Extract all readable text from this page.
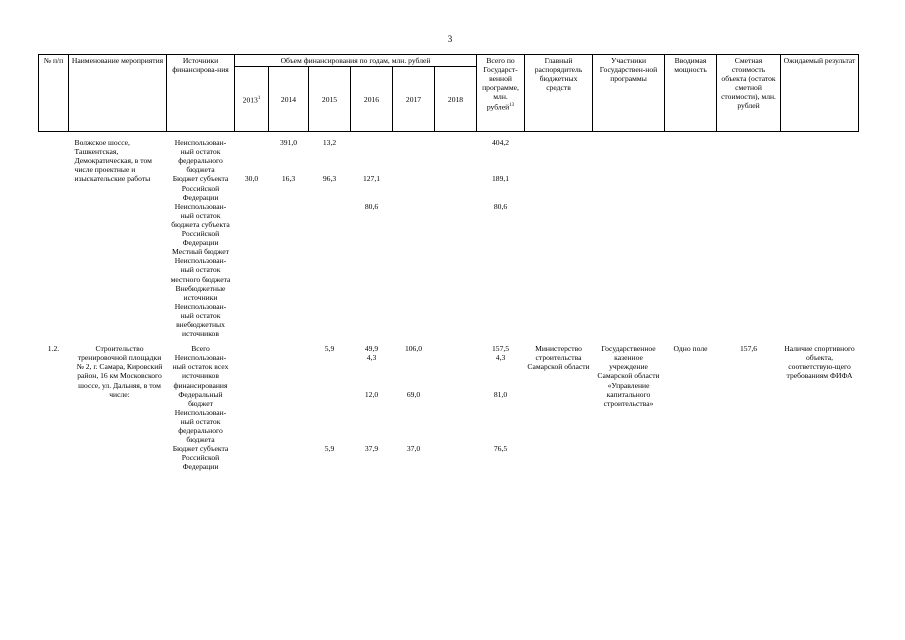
3
№ п/п	Наименование мероприятия	Источники финансирова-ния	Объем финансирования по годам, млн. рублей						Всего по Государст-венной программе, млн. рублей$^{13}$	Главный распорядитель бюджетных средств	Участники Государствен-ной программы	Вводимая мощность	Сметная стоимость объекта (остаток сметной стоимости), млн. рублей	Ожидаемый результат
			2013$^1$	2014	2015	2016	2017	2018						

	Волжское шоссе, Ташкентская, Демократическая, в том числе проектные и изыскательские работы	Неиспользован-ный остаток федерального бюджета		391,0	13,2				404,2					
		Бюджет субъекта Российской Федерации	30,0	16,3	96,3	127,1			189,1					
		Неиспользован-ный остаток бюджета субъекта Российской Федерации				80,6			80,6					
		Местный бюджет												
		Неиспользован-ный остаток местного бюджета												
		Внебюджетные источники												
		Неиспользован-ный остаток внебюджетных источников												

1.2.	Строительство тренировочной площадки № 2, г. Самара, Кировский район, 16 км Московского шоссе, ул. Дальняя, в том числе:	Всего			5,9	49,9	106,0		157,5	Министерство строительства Самарской области	Государственное казенное учреждение Самарской области «Управление капитального строительства»	Одно поле	157,6	Наличие спортивного объекта, соответствую-щего требованиям ФИФА
		Неиспользован-ный остаток всех источников финансирования				4,3			4,3					
		Федеральный бюджет				12,0	69,0		81,0					
		Неиспользован-ный остаток федерального бюджета												
		Бюджет субъекта Российской Федерации			5,9	37,9	37,0		76,5					
